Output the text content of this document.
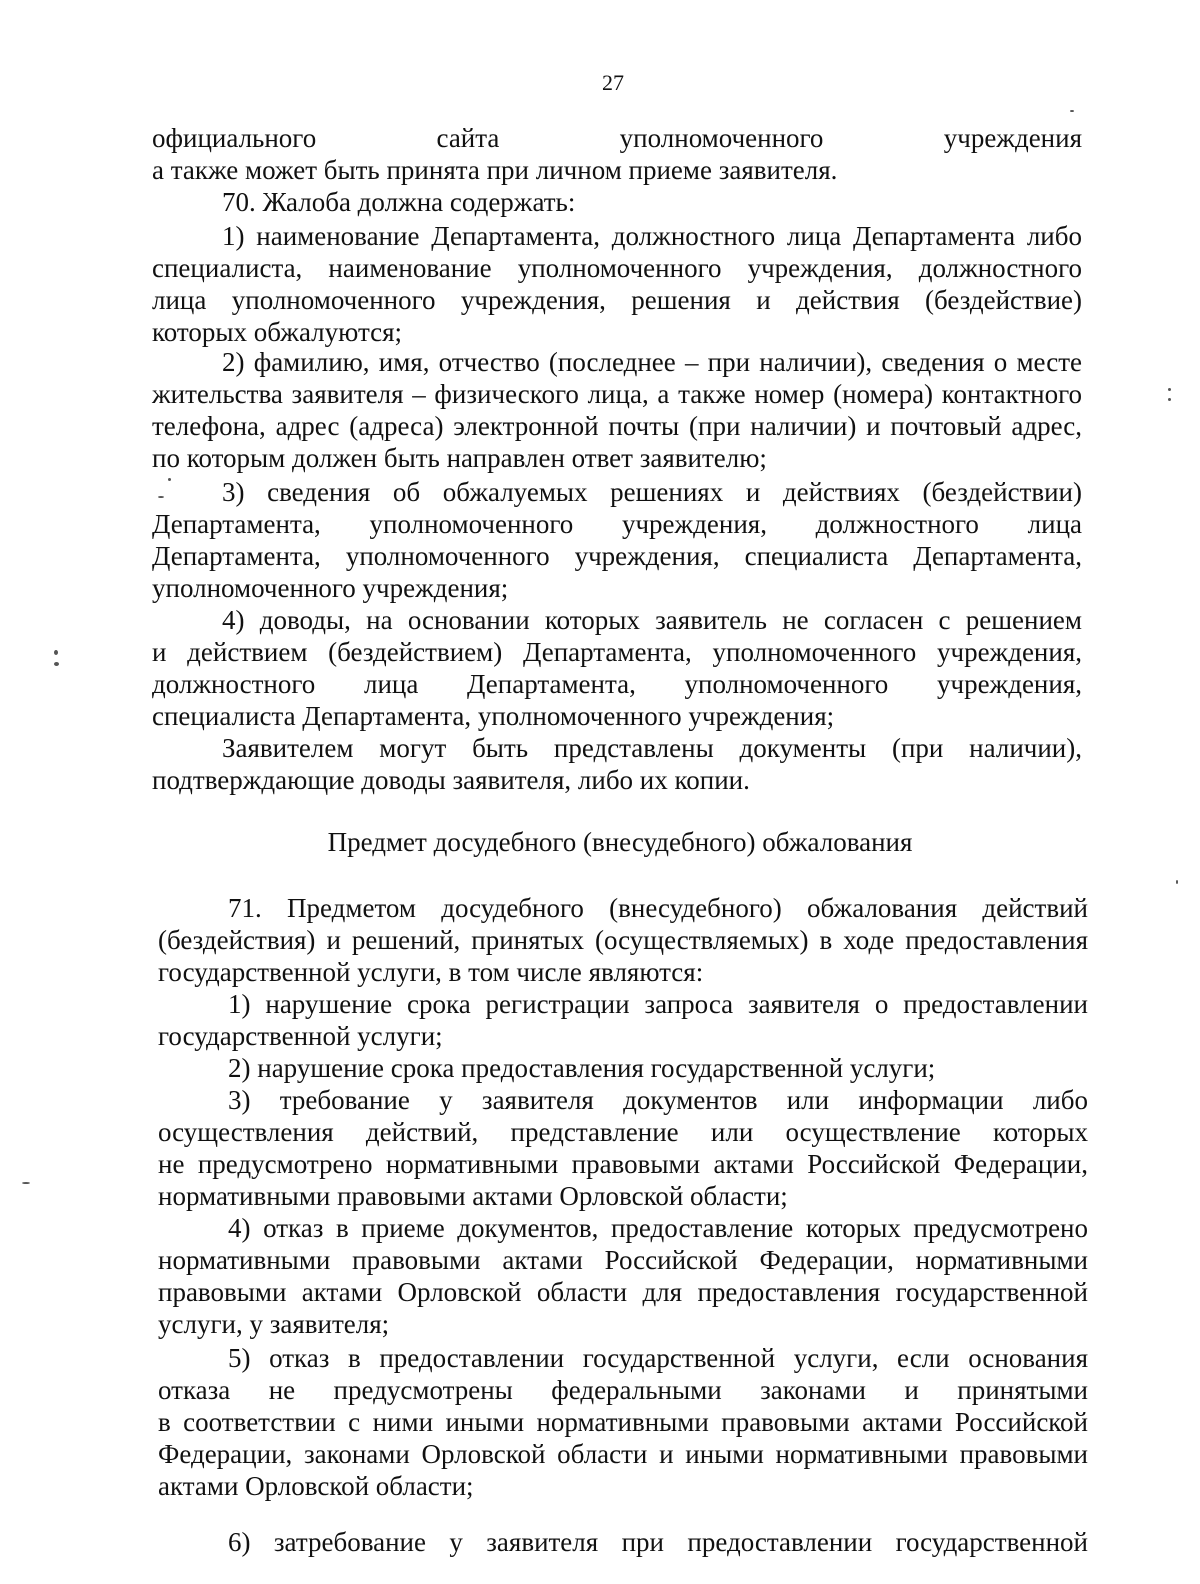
27
официального сайта уполномоченного учреждения
а также может быть принята при личном приеме заявителя.
70. Жалоба должна содержать:
1) наименование Департамента, должностного лица Департамента либо
специалиста, наименование уполномоченного учреждения, должностного
лица уполномоченного учреждения, решения и действия (бездействие)
которых обжалуются;
2) фамилию, имя, отчество (последнее – при наличии), сведения о месте
жительства заявителя – физического лица, а также номер (номера) контактного
телефона, адрес (адреса) электронной почты (при наличии) и почтовый адрес,
по которым должен быть направлен ответ заявителю;
3) сведения об обжалуемых решениях и действиях (бездействии)
Департамента, уполномоченного учреждения, должностного лица
Департамента, уполномоченного учреждения, специалиста Департамента,
уполномоченного учреждения;
4) доводы, на основании которых заявитель не согласен с решением
и действием (бездействием) Департамента, уполномоченного учреждения,
должностного лица Департамента, уполномоченного учреждения,
специалиста Департамента, уполномоченного учреждения;
Заявителем могут быть представлены документы (при наличии),
подтверждающие доводы заявителя, либо их копии.
Предмет досудебного (внесудебного) обжалования
71. Предметом досудебного (внесудебного) обжалования действий
(бездействия) и решений, принятых (осуществляемых) в ходе предоставления
государственной услуги, в том числе являются:
1) нарушение срока регистрации запроса заявителя о предоставлении
государственной услуги;
2) нарушение срока предоставления государственной услуги;
3) требование у заявителя документов или информации либо
осуществления действий, представление или осуществление которых
не предусмотрено нормативными правовыми актами Российской Федерации,
нормативными правовыми актами Орловской области;
4) отказ в приеме документов, предоставление которых предусмотрено
нормативными правовыми актами Российской Федерации, нормативными
правовыми актами Орловской области для предоставления государственной
услуги, у заявителя;
5) отказ в предоставлении государственной услуги, если основания
отказа не предусмотрены федеральными законами и принятыми
в соответствии с ними иными нормативными правовыми актами Российской
Федерации, законами Орловской области и иными нормативными правовыми
актами Орловской области;
6) затребование у заявителя при предоставлении государственной
